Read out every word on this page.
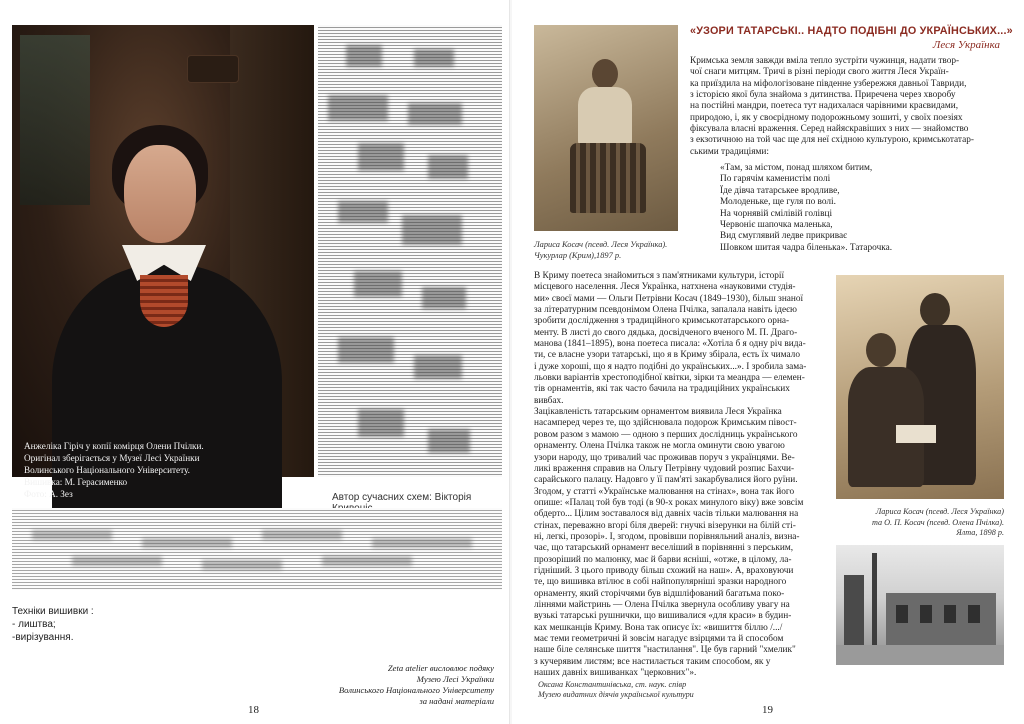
Анжеліка Гіріч у копії комірця Олени Пчілки.
Оригінал зберігається у Музеї Лесі Українки
Волинського Національного Університету.
Вишивка: М. Герасименко
Фото: А. Зез	Автор сучасних схем: Вікторія
Техніки вишивки :
- лиштва;
-вирізування.
Zeta atelier висловлює подяку
Музею Лесі Українки
Волинського Національного Університету
за надані матеріали
18
Лариса Косач (псевд. Леся Українка).
Чукурлар (Крим),1897 р.
«УЗОРИ ТАТАРСЬКІ.. НАДТО ПОДІБНІ ДО УКРАЇНСЬКИХ...»
Леся Українка
Кримська земля завжди вміла тепло зустріти чужинця, надати твор-
чої снаги митцям. Тричі в різні періоди свого життя Леся Україн-
ка приїздила на міфологізоване південне узбережжя давньої Тавриди,
з історією якої була знайома з дитинства. Приречена через хворобу
на постійні мандри, поетеса тут надихалася чарівними краєвидами,
природою, і, як у своєрідному подорожньому зошиті, у своїх поезіях
фіксувала власні враження. Серед найяскравіших з них — знайомство
з екзотичною на той час ще для неї східною культурою, кримськотатар-
ськими традиціями:
«Там, за містом, понад шляхом битим,
По гарячім каменистім полі
Їде дівча татарськее вродливе,
Молоденьке, ще гуля по волі.
На чорнявій смілівій голівці
Червоніє шапочка маленька,
Вид смуглявий ледве прикриває
Шовком шитая чадра біленька». Татарочка.
В Криму поетеса знайомиться з пам'ятниками культури, історії
місцевого населення. Леся Українка, натхнена «науковими студія-
ми» своєї мами — Ольги Петрівни Косач (1849–1930), більш знаної
за літературним псевдонімом Олена Пчілка, запалала навіть ідеєю
зробити дослідження з традиційного кримськотатарського орна-
менту. В листі до свого дядька, досвідченого вченого М. П. Драго-
манова (1841–1895), вона поетеса писала: «Хотіла б я одну річ вида-
ти, се власне узори татарські, що я в Криму збірала, есть їх чимало
і дуже хороші, що я надто подібні до українських...». І зробила зама-
льовки варіантів хрестоподібної квітки, зірки та меандра — елемен-
тів орнаментів, які так часто бачила на традиційних українських
вивбах.
Зацікавленість татарським орнаментом виявила Леся Українка
насамперед через те, що здійснювала подорож Кримським півост-
ровом разом з мамою — одною з перших дослідниць українського
орнаменту. Олена Пчілка також не могла оминути свою увагою
узори народу, що тривалий час проживав поруч з українцями. Ве-
ликі враження справив на Ольгу Петрівну чудовий розпис Бахчи-
сарайського палацу. Надовго у її пам'яті закарбувалися його руїни.
Згодом, у статті «Українське малювання на стінах», вона так його
опише: «Палац той був тоді (в 90-х роках минулого віку) вже зовсім
обдерто... Цілим зоставалося від давніх часів тільки малювання на
стінах, переважно вгорі біля дверей: гнучкі візерунки на білій сті-
ні, легкі, прозорі». І, згодом, провівши порівняльний аналіз, визна-
чає, що татарський орнамент веселіший в порівнянні з перським,
прозоріший по малюнку, має й барви ясніші, «отже, в цілому, ла-
гідніший. З цього приводу більш схожий на наш». А, враховуючи
те, що вишивка втілює в собі найпопулярніші зразки народного
орнаменту, який сторіччями був відшліфований багатьма поко-
ліннями майстринь — Олена Пчілка звернула особливу увагу на
вузькі татарські рушнички, що вишивалися «для краси» в будин-
ках мешканців Криму. Вона так описує їх: «вишиття біллю /.../
має теми геометричні й зовсім нагадує взірцями та й способом
наше біле селянське шиття "настилання". Це був гарний "хмелик"
з кучерявим листям; все настилається таким способом, як у
наших давніх вишиванках "церковних"».
Лариса Косач (псевд. Леся Українка)
та О. П. Косач (псевд. Олена Пчілка).
Ялта, 1898 р.
Оксана Константинівська, ст. наук. співр
Музею видатних діячів української культури
19
